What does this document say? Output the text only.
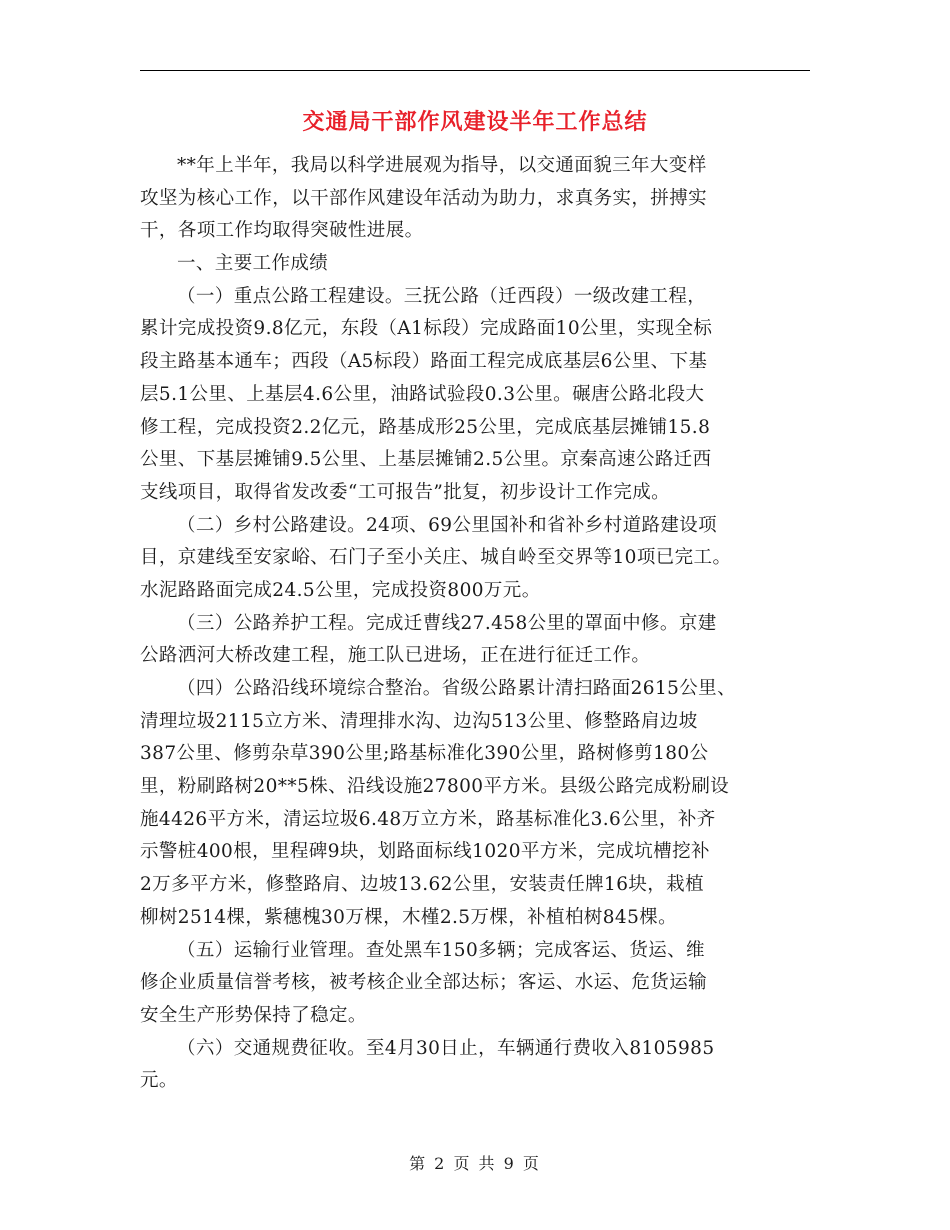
交通局干部作风建设半年工作总结
**年上半年，我局以科学进展观为指导，以交通面貌三年大变样
攻坚为核心工作，以干部作风建设年活动为助力，求真务实，拼搏实
干，各项工作均取得突破性进展。
一、主要工作成绩
（一）重点公路工程建设。三抚公路（迁西段）一级改建工程，
累计完成投资9.8亿元，东段（A1标段）完成路面10公里，实现全标
段主路基本通车；西段（A5标段）路面工程完成底基层6公里、下基
层5.1公里、上基层4.6公里，油路试验段0.3公里。碾唐公路北段大
修工程，完成投资2.2亿元，路基成形25公里，完成底基层摊铺15.8
公里、下基层摊铺9.5公里、上基层摊铺2.5公里。京秦高速公路迁西
支线项目，取得省发改委“工可报告”批复，初步设计工作完成。
（二）乡村公路建设。24项、69公里国补和省补乡村道路建设项
目，京建线至安家峪、石门子至小关庄、城自岭至交界等10项已完工。
水泥路路面完成24.5公里，完成投资800万元。
（三）公路养护工程。完成迁曹线27.458公里的罩面中修。京建
公路洒河大桥改建工程，施工队已进场，正在进行征迁工作。
（四）公路沿线环境综合整治。省级公路累计清扫路面2615公里、
清理垃圾2115立方米、清理排水沟、边沟513公里、修整路肩边坡
387公里、修剪杂草390公里;路基标准化390公里，路树修剪180公
里，粉刷路树20**5株、沿线设施27800平方米。县级公路完成粉刷设
施4426平方米，清运垃圾6.48万立方米，路基标准化3.6公里，补齐
示警桩400根，里程碑9块，划路面标线1020平方米，完成坑槽挖补
2万多平方米，修整路肩、边坡13.62公里，安装责任牌16块，栽植
柳树2514棵，紫穗槐30万棵，木槿2.5万棵，补植柏树845棵。
（五）运输行业管理。查处黑车150多辆；完成客运、货运、维
修企业质量信誉考核，被考核企业全部达标；客运、水运、危货运输
安全生产形势保持了稳定。
（六）交通规费征收。至4月30日止，车辆通行费收入8105985
元。
第 2 页 共 9 页
